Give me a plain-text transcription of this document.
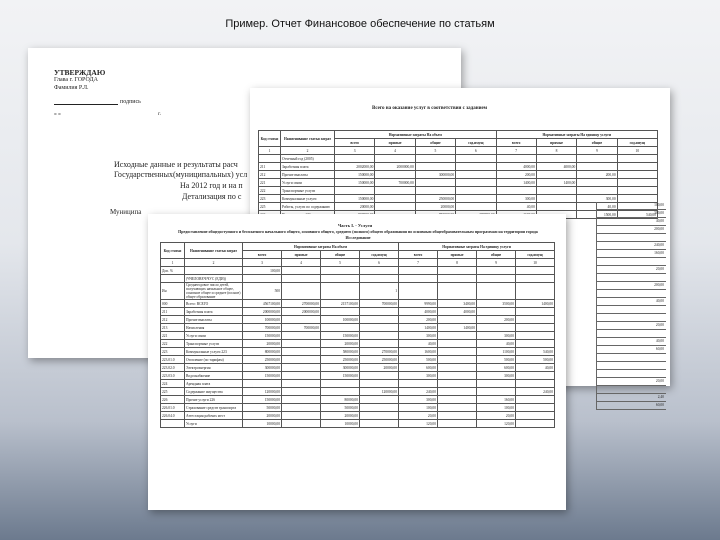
Пример. Отчет Финансовое обеспечение по статьям
УТВЕРЖДАЮ
Глава г. ГОРОДА
Фамилия Р.Л.
подпись
« »	г.
Исходные данные и результаты расч
Государственных(муниципальных) усл
На 2012 год и на п
Детализация по с
Муниципа
Всего на оказание услуг в соответствии с заданием
Код статьи	Наименование статьи затрат	Нормативные затраты На объем				Нормативные затраты На единицу услуги			
		всего	прямые	общие	сод.имущ	всего	прямые	общие	сод.имущ
1	2	3	4	5	6	7	8	9	10
	Отчетный год (2005)								
211	Заработная плата	2002000,00	2000000,00			4000,00	4000,00		
212	Прочие выплаты	150000,00		300000,00		200,00		200,00	
221	Услуги связи	150000,00	700000,00			1400,00	1400,00		
222	Транспортные услуги								
223	Коммунальные услуги	150000,00		250000,00		300,00		300,00	
225	Работы, услуги по содержанию	20000,00		20000,00		40,00		40,00	
								1500,00	540,00
100,00
300,00
40,00
200,00
240,00
160,00
20,00
200,00
40,00
20,00
40,00
60,00
20,00
2,40
60,00
Часть I. - Услуги
Предоставление общедоступного и бесплатного начального общего, основного общего, среднего (полного) общего образования по основным общеобразовательным программам на территории города Исследование
Код статьи	Наименование статьи затрат	Нормативные затраты На объем				Нормативные затраты На единицу услуги			
		всего	прямые	общие	сод.имущ	всего	прямые	общие	сод.имущ
1	2	3	4	5	6	7	8	9	10
Доп. %		100,00							
	(ЧЧЕЛОВЕЧ/ЧУС (ЕДИ))								
Ин	Среднегодовое число детей, получающих начальное общее, основное общее и среднее (полное) общее образование	500			1				
000	Всего: ВСЕГО	4567100,00	2700000,00	2157100,00	700000,00	9990,00	3400,00	3500,00	1400,00
211	Заработная плата	2000000,00	2000000,00			4000,00	4000,00		
212	Прочие выплаты	100000,00		100000,00		200,00		200,00	
213	Начисления	700000,00	700000,00			1400,00	1400,00		
221	Услуги связи	150000,00		150000,00		300,00		300,00	
222	Транспортные услуги	20000,00		20000,00		40,00		40,00	
223	Коммунальные услуги 223	800000,00		580000,00	270000,00	1600,00		1100,00	540,00
223.01.0	Отопление (по тарифам)	250000,00		250000,00	250000,00	500,00		500,00	500,00
223.02.0	Электроэнергия	300000,00		300000,00	20000,00	600,00		600,00	40,00
223.03.0	Водоснабжение	150000,00		150000,00		300,00		300,00	
224	Арендная плата								
225	Содержание имущества	120000,00			120000,00	240,00			240,00
226	Прочие услуги 226	150000,00		80000,00		300,00		160,00	
226.01.0	Страхование средств транспорта	50000,00		50000,00		100,00		100,00	
226.04.0	Аттестация рабочих мест	20000,00		20000,00		20,00		20,00	
	Услуги	10000,00		10000,00		120,00		120,00	
